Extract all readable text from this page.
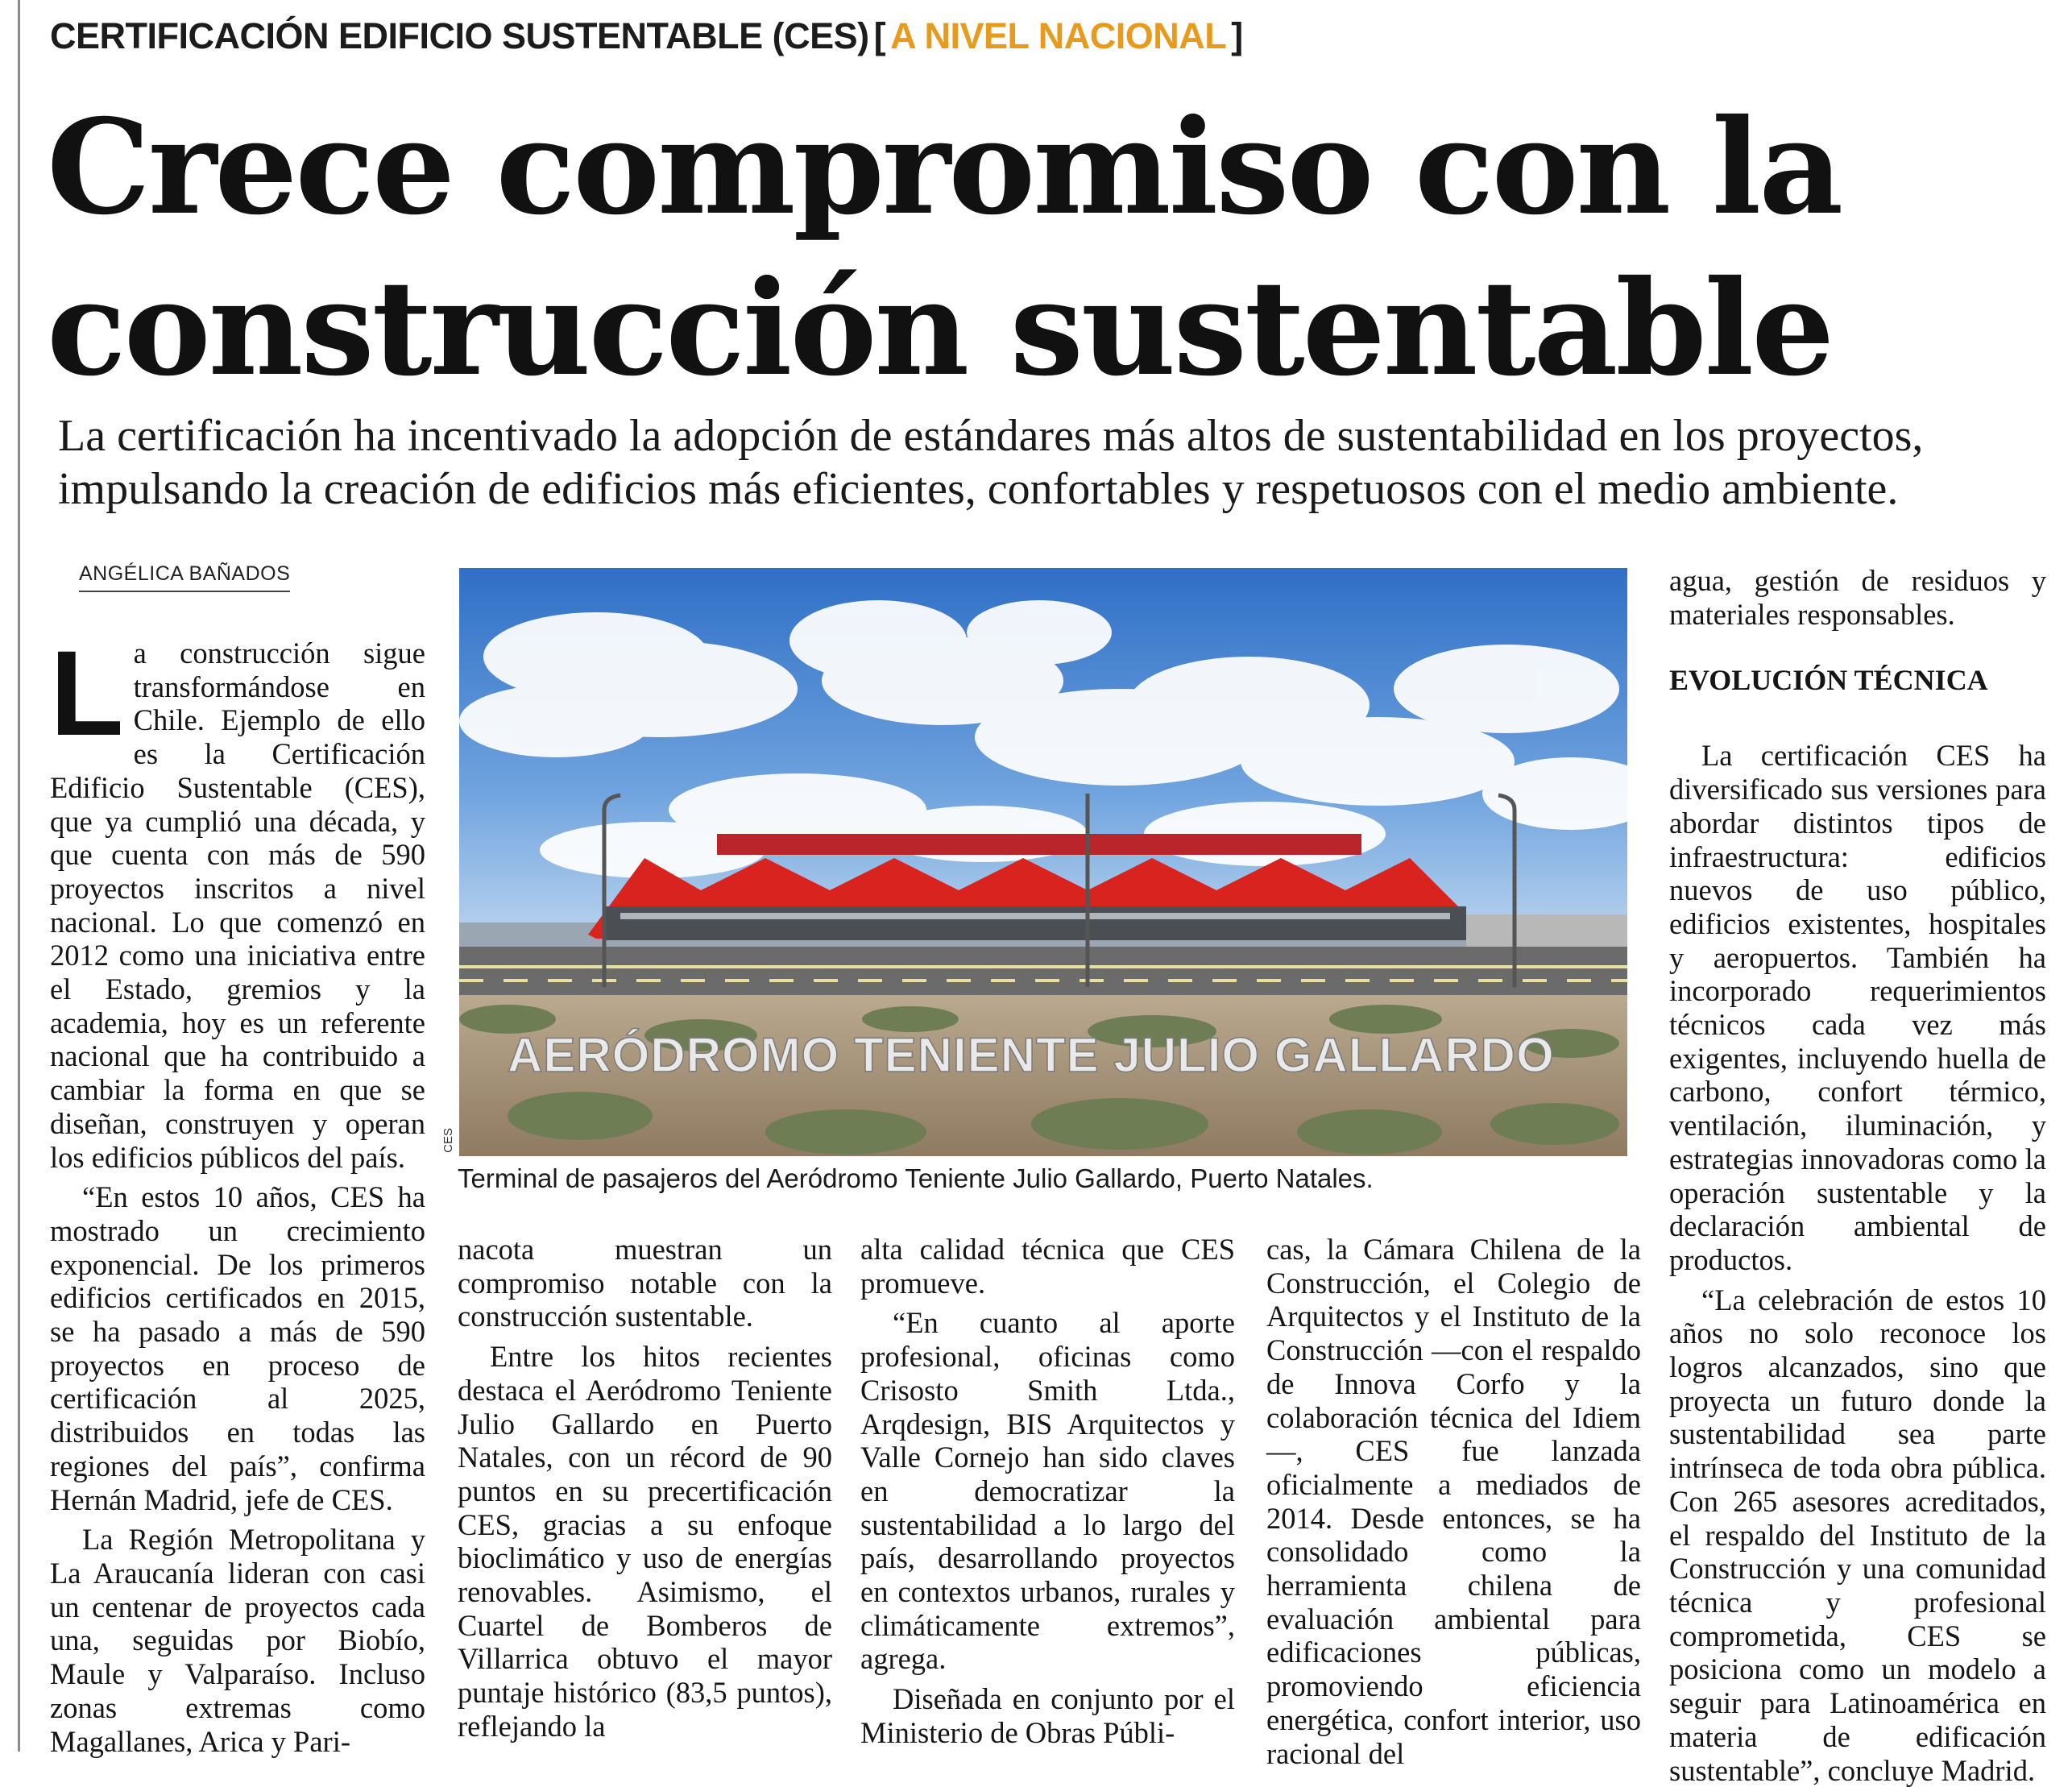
CERTIFICACIÓN EDIFICIO SUSTENTABLE (CES) [ A NIVEL NACIONAL ]
Crece compromiso con la
construcción sustentable

La certificación ha incentivado la adopción de estándares más altos de sustentabilidad en los proyectos, impulsando la creación de edificios más eficientes, confortables y respetuosos con el medio ambiente.

ANGÉLICA BAÑADOS

La construcción sigue transformándose en Chile. Ejemplo de ello es la Certificación Edificio Sustentable (CES), que ya cumplió una década, y que cuenta con más de 590 proyectos inscritos a nivel nacional. Lo que comenzó en 2012 como una iniciativa entre el Estado, gremios y la academia, hoy es un referente nacional que ha contribuido a cambiar la forma en que se diseñan, construyen y operan los edificios públicos del país.

“En estos 10 años, CES ha mostrado un crecimiento exponencial. De los primeros edificios certificados en 2015, se ha pasado a más de 590 proyectos en proceso de certificación al 2025, distribuidos en todas las regiones del país”, confirma Hernán Madrid, jefe de CES.

La Región Metropolitana y La Araucanía lideran con casi un centenar de proyectos cada una, seguidas por Biobío, Maule y Valparaíso. Incluso zonas extremas como Magallanes, Arica y Pari-

AERÓDROMO TENIENTE JULIO GALLARDO
CES
Terminal de pasajeros del Aeródromo Teniente Julio Gallardo, Puerto Natales.

nacota muestran un compromiso notable con la construcción sustentable.

Entre los hitos recientes destaca el Aeródromo Teniente Julio Gallardo en Puerto Natales, con un récord de 90 puntos en su precertificación CES, gracias a su enfoque bioclimático y uso de energías renovables. Asimismo, el Cuartel de Bomberos de Villarrica obtuvo el mayor puntaje histórico (83,5 puntos), reflejando la

alta calidad técnica que CES promueve.

“En cuanto al aporte profesional, oficinas como Crisosto Smith Ltda., Arqdesign, BIS Arquitectos y Valle Cornejo han sido claves en democratizar la sustentabilidad a lo largo del país, desarrollando proyectos en contextos urbanos, rurales y climáticamente extremos”, agrega.

Diseñada en conjunto por el Ministerio de Obras Públi-

cas, la Cámara Chilena de la Construcción, el Colegio de Arquitectos y el Instituto de la Construcción —con el respaldo de Innova Corfo y la colaboración técnica del Idiem—, CES fue lanzada oficialmente a mediados de 2014. Desde entonces, se ha consolidado como la herramienta chilena de evaluación ambiental para edificaciones públicas, promoviendo eficiencia energética, confort interior, uso racional del

agua, gestión de residuos y materiales responsables.

EVOLUCIÓN TÉCNICA

La certificación CES ha diversificado sus versiones para abordar distintos tipos de infraestructura: edificios nuevos de uso público, edificios existentes, hospitales y aeropuertos. También ha incorporado requerimientos técnicos cada vez más exigentes, incluyendo huella de carbono, confort térmico, ventilación, iluminación, y estrategias innovadoras como la operación sustentable y la declaración ambiental de productos.

“La celebración de estos 10 años no solo reconoce los logros alcanzados, sino que proyecta un futuro donde la sustentabilidad sea parte intrínseca de toda obra pública. Con 265 asesores acreditados, el respaldo del Instituto de la Construcción y una comunidad técnica y profesional comprometida, CES se posiciona como un modelo a seguir para Latinoamérica en materia de edificación sustentable”, concluye Madrid.
